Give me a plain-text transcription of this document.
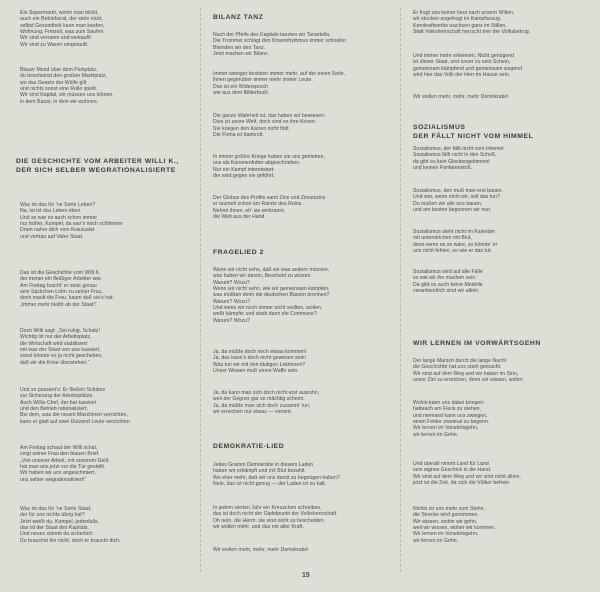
Ein Supermarkt, wohin man blickt,
auch ein Betriebsrat, der stets nickt,
selbst Gesundheit kann man kaufen,
Wohnung, Freizeit, was zum Saufen
Wir sind verraten und verkauft!
Wir sind zu Waren umgetauft.
Blauer Mond über dem Parkplatz,
du bescheinst den großen Marktplatz,
wo das Gesetz der Wölfe gilt
und nichts sonst eine Rolle spielt.
Wir sind Kapital, wir müssen uns lohnen,
in dem Bazar, in dem wir wohnen.
DIE GESCHICHTE VOM ARBEITER WILLI K.,
DER SICH SELBER WEGRATIONALISIERTE
Was ist das für ’ne Sorte Leben?
Na, ist ist das Leben eben.
Und so war es auch schon immer
nur früher, Kumpel, da war’s noch schlimmer
Drum nahre dich vom Krauisalat
und vertrau auf Vater Staat.
Das ist die Geschichte vom Willi K.
der immer ein fleißiger Arbeiter war.
Am Freitag bracht’ er stets genau
sein Säckchen Lohn zu seiner Frau,
doch mault die Frau, kaum daß sie’s hat:
„Immer mehr bleibt ab der Staat!“
Doch Willi sagt: „Sei ruhig, Schatz!
Wichtig ist nur der Arbeitsplatz,
die Wirtschaft wird stabilisiert
mit was der Staat von uns kassiert,
sonst könnte es ja nicht geschehen,
daß wir die Krise überstehen.“
Und so passiert’s: Er fließen Schätze
zur Sicherung der Arbeitsplätze.
Auch Willis Chef, der hat kassiert
und den Betrieb rationalisiert.
Bei dem, was die neuen Maschinen verrichten,
kann er glatt auf zwei Dutzend Leute verzichten.
Am Freitag schaut der Willi schal,
zeigt seiner Frau den blauen Brief.
„Von unserer Arbeit, mit unserem Geld
hat man uns jetzt vor die Tür gestellt.
Wir haben wir uns angeschmiert,
uns selber wegrationalisiert!“
Was ist das für ’ne Sorte Staat,
der für uns nichts übrig hat?
Jetzt weißt du, Kumpel, jedenfalls,
das ist der Staat des Kapitals.
Und neues stimmt da sicherlich:
Du brauchst ihn nicht, doch er braucht dich.
BILANZ TANZ
Nach der Pfeife des Kapitals tanzten wir Tarantella.
Die Trommel schlägt den Krisenrhythmus immer schneller
Bleinden wir den Tanz.
Jetzt machen wir Bilanz.
Immer weniger besitzen immer mehr, auf der einen Seite,
ihnen gegenüber immer mehr immer Leute.
Das ist ein Widerspruch
wie aus dem Bilderbuch.
Die ganze Wahrheit ist, das haben wir bewiesen:
Dies ist unsre Welt, doch sind es ihre Krisen.
Sie kriegen den Karren nicht flott.
Die Firma ist bankrott.
In immer größre Kriege haben sie uns getrieben,
uns als Kanonenfutter abgeschrieben.
Nur ein Kampf interessiert:
der wird gegen sie geführt.
Der Globus des Profits samt Zins und Zinseszins
er taumelt schon am Rande des Ruins.
Nehmt ihnen, eh’ sie verbrannt,
die Welt aus der Hand.
FRAGELIED 2
Wenn wir nicht sehn, daß wir was andern müssen,
was haben wir davon, Bescheid zu wissen.
Warum? Wozu?
Wenn wir nicht sehn, wie wir gemeinsam kämpfen,
was müßten denn die deutschen Basern brennen?
Warum? Wozu?
Und wenn wir noch immer nicht wollten, wollen,
weßt kämpfte und starb dann die Commune?
Warum? Wozu?
Ja, da müßte doch noch etwas kommen!
Ja, das kann’s doch nicht gewesen sein!
Was tun wir mit den blutigen Lektionen?
Unser Wissen muß unsre Waffe sein.
Ja, da kann man sich doch nicht erst ausruhn,
weil der Gegner gar so mächtig scheint.
Ja, da müßte man sich doch zusamm’ tun,
wir erreichen nur etwas — vereint.
DEMOKRATIE-LIED
Jedes Gramm Demokratie in diesem Laden
haben wir erkämpft und mit Blut bezahlt.
Wo eher mehr, daß wir uns damit zu begnügen haben?
Nein, das ist nicht genug — der Laden ist zu kalt.
In jedem vierten Jahr ein Kreuzchen schreiben,
das ist doch nicht der Gipfelpunkt der Volksherrschaft.
Oh nein, die Herrn, sie sind nicht so bescheiden,
wir wollen mehr, und das mit aller Kraft.
Wir wollen mehr, mehr, mehr Demokratie!
Er fragt uns keiner heut nach unsern Willen,
wir stecken ungefragt im Kampfanzug.
Kernkraftwerke wachsen ganz im Stillen.
Statt Volksherrschaft herrscht hier der Volksbetrug.
Und immer mehr erkennen, Nicht genügend
ist dieser Staat, und unser zu sein Schein,
gemeinsam kämpfend und gemeinsam siegend
wird hier das Volk der Herr im Hause sein.
Wir wollen mehr, mehr, mehr Demokratie!
SOZIALISMUS
DER FÄLLT NICHT VOM HIMMEL
Sozialismus, der fällt nicht vom Himmel.
Sozialismus fällt nicht in den Schoß,
da gibt es kein Glockengebimmel
und keinen Fanfarenstoß.
Sozialismus, den muß man erst bauen.
Und wer, wenn nicht wir, soll das tun?
Du mußen wir alle uns trauen,
und am besten begonnen wir nun.
Sozialismus steht nicht im Kalender
mit unterstrichen mit Blut,
denn wenn es so wäre, so könnte’ er
uns nicht fehlen, so wie er das tut.
Sozialismus wird auf alle Fälle
so wie wir ihn machen sein.
Da gibt es auch keine Modelle
verantwortlich sind wir allein.
WIR LERNEN IM VORWÄRTSGEHN
Der lange Marsch durch die lange Nacht
die Geschichte hat uns stark gemacht.
Wir sind auf dem Weg und wir haben im Sinn,
unser Ziel zu erreichen, denn wir wissen, wohin:
Wohin kann uns dabei bringen:
hatteach am Fleck zu stehen,
und niemand kann uns zwingen,
einen Fehler zweimal zu begehn.
Wir lernen im Vorwärtsgehn,
wir lernen im Gehn.
Und überall nimmt Land für Land
sein eignes Geschick in die Hand.
Wir sind auf dem Weg und wir sind nicht allein,
jetzt ist die Zeit, da sich die Völker befrein.
Nichts ist uns mehr zum Stehn,
die Strecke wird genommen.
Wir wissen, wohin wir gehn,
weil wir wissen, woher wir kommen.
Wir lernen im Vorwärtsgehn,
wir lernen im Gehn.
15
